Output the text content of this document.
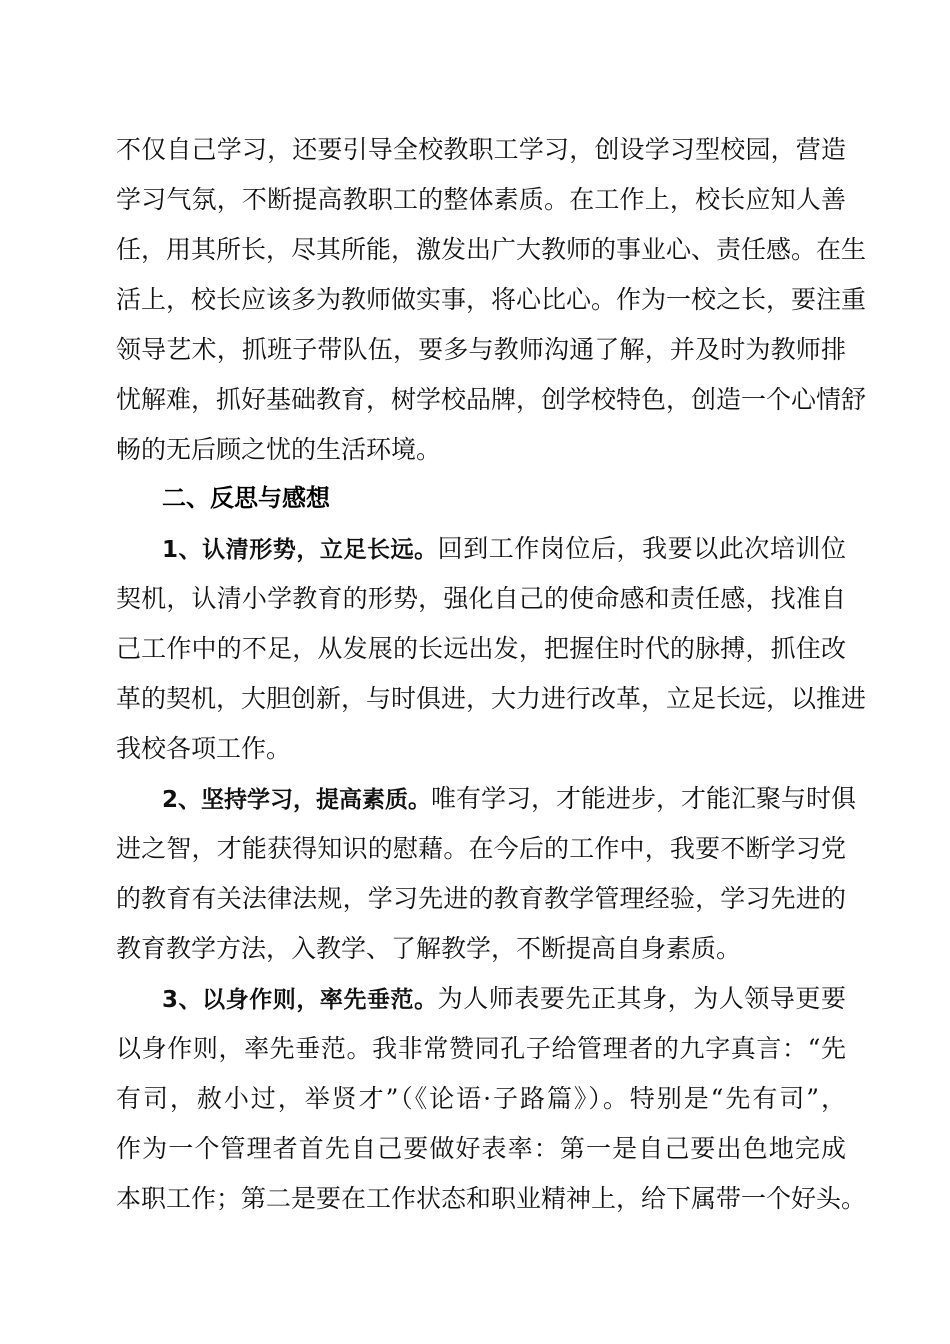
不仅自己学习，还要引导全校教职工学习，创设学习型校园，营造
学习气氛，不断提高教职工的整体素质。在工作上，校长应知人善
任，用其所长，尽其所能，激发出广大教师的事业心、责任感。在生
活上，校长应该多为教师做实事，将心比心。作为一校之长，要注重
领导艺术，抓班子带队伍，要多与教师沟通了解，并及时为教师排
忧解难，抓好基础教育，树学校品牌，创学校特色，创造一个心情舒
畅的无后顾之忧的生活环境。
二、反思与感想
1、认清形势，立足长远。回到工作岗位后，我要以此次培训位
契机，认清小学教育的形势，强化自己的使命感和责任感，找准自
己工作中的不足，从发展的长远出发，把握住时代的脉搏，抓住改
革的契机，大胆创新，与时俱进，大力进行改革，立足长远，以推进
我校各项工作。
2、坚持学习，提高素质。唯有学习，才能进步，才能汇聚与时俱
进之智，才能获得知识的慰藉。在今后的工作中，我要不断学习党
的教育有关法律法规，学习先进的教育教学管理经验，学习先进的
教育教学方法，入教学、了解教学，不断提高自身素质。
3、以身作则，率先垂范。为人师表要先正其身，为人领导更要
以身作则，率先垂范。我非常赞同孔子给管理者的九字真言：“先
有司，赦小过，举贤才”（《论语·子路篇》）。特别是“先有司”，
作为一个管理者首先自己要做好表率：第一是自己要出色地完成
本职工作；第二是要在工作状态和职业精神上，给下属带一个好头。
